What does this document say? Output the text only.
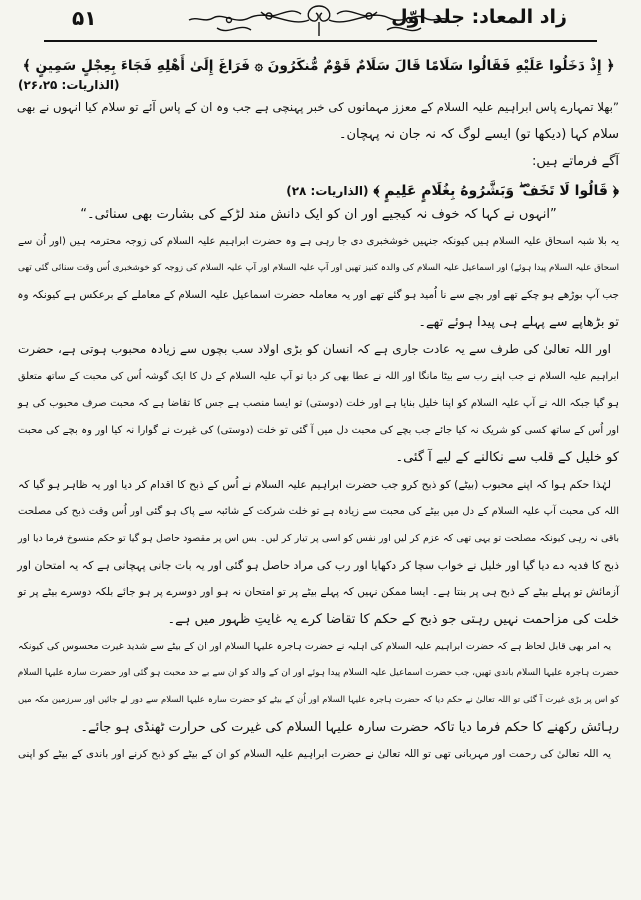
زاد المعاد: جلد اوّل
۵۱
﴿ إِذْ دَخَلُوا عَلَيْهِ فَقَالُوا سَلَامًا قَالَ سَلَامٌ قَوْمٌ مُّنكَرُونَ ۞ فَرَاغَ إِلَىٰ أَهْلِهِ فَجَاءَ بِعِجْلٍ سَمِينٍ ﴾
(الذاریات: ۲۶،۲۵)
”بھلا تمہارے پاس ابراہیم علیہ السلام کے معزز مہمانوں کی خبر پہنچی ہے جب وہ ان کے پاس آئے تو سلام کیا انہوں نے بھی
سلام کہا (دیکھا تو) ایسے لوگ کہ نہ جان نہ پہچان۔
آگے فرماتے ہیں:
﴿ قَالُوا لَا تَخَفْ ۖ وَبَشَّرُوهُ بِغُلَامٍ عَلِيمٍ ﴾ (الذاریات: ۲۸)
”انہوں نے کہا کہ خوف نہ کیجیے اور ان کو ایک دانش مند لڑکے کی بشارت بھی سنائی۔“
یہ بلا شبہ اسحاق علیہ السلام ہیں کیونکہ جنہیں خوشخبری دی جا رہی ہے وہ حضرت ابراہیم علیہ السلام کی زوجہ محترمہ ہیں (اور اُن سے
اسحاق علیہ السلام پیدا ہوئے) اور اسماعیل علیہ السلام کی والدہ کنیز تھیں اور آپ علیہ السلام اور آپ علیہ السلام کی زوجہ کو خوشخبری اُس وقت سنائی گئی تھی
جب آپ بوڑھے ہو چکے تھے اور بچے سے نا اُمید ہو گئے تھے اور یہ معاملہ حضرت اسماعیل علیہ السلام کے معاملے کے برعکس ہے کیونکہ وہ
تو بڑھاپے سے پہلے ہی پیدا ہوئے تھے۔
اور اللہ تعالیٰ کی طرف سے یہ عادت جاری ہے کہ انسان کو بڑی اولاد سب بچوں سے زیادہ محبوب ہوتی ہے، حضرت
ابراہیم علیہ السلام نے جب اپنے رب سے بیٹا مانگا اور اللہ نے عطا بھی کر دیا تو آپ علیہ السلام کے دل کا ایک گوشہ اُس کی محبت کے ساتھ متعلق
ہو گیا جبکہ اللہ نے آپ علیہ السلام کو اپنا خلیل بنایا ہے اور خلت (دوستی) تو ایسا منصب ہے جس کا تقاضا ہے کہ محبت صرف محبوب کی ہو
اور اُس کے ساتھ کسی کو شریک نہ کیا جائے جب بچے کی محبت دل میں آ گئی تو خلت (دوستی) کی غیرت نے گوارا نہ کیا اور وہ بچے کی محبت
کو خلیل کے قلب سے نکالنے کے لیے آ گئی۔
لہٰذا حکم ہوا کہ اپنے محبوب (بیٹے) کو ذبح کرو جب حضرت ابراہیم علیہ السلام نے اُس کے ذبح کا اقدام کر دیا اور یہ ظاہر ہو گیا کہ
اللہ کی محبت آپ علیہ السلام کے دل میں بیٹے کی محبت سے زیادہ ہے تو خلت شرکت کے شائبہ سے پاک ہو گئی اور اُس وقت ذبح کی مصلحت
باقی نہ رہی کیونکہ مصلحت تو یہی تھی کہ عزم کر لیں اور نفس کو اسی پر تیار کر لیں۔ بس اس پر مقصود حاصل ہو گیا تو حکم منسوخ فرما دیا اور
ذبح کا فدیہ دے دیا گیا اور خلیل نے خواب سچا کر دکھایا اور رب کی مراد حاصل ہو گئی اور یہ بات جانی پہچانی ہے کہ یہ امتحان اور
آزمائش تو پہلے بیٹے کے ذبح ہی پر بنتا ہے۔ ایسا ممکن نہیں کہ پہلے بیٹے پر تو امتحان نہ ہو اور دوسرے پر ہو جائے بلکہ دوسرے بیٹے پر تو
خلت کی مزاحمت نہیں رہتی جو ذبح کے حکم کا تقاضا کرے یہ غایتِ ظہور میں ہے۔
یہ امر بھی قابل لحاظ ہے کہ حضرت ابراہیم علیہ السلام کی اہلیہ نے حضرت ہاجرہ علیہا السلام اور ان کے بیٹے سے شدید غیرت محسوس کی کیونکہ
حضرت ہاجرہ علیہا السلام باندی تھیں، جب حضرت اسماعیل علیہ السلام پیدا ہوئے اور ان کے والد کو ان سے بے حد محبت ہو گئی اور حضرت سارہ علیہا السلام
کو اس پر بڑی غیرت آ گئی تو اللہ تعالیٰ نے حکم دیا کہ حضرت ہاجرہ علیہا السلام اور اُن کے بیٹے کو حضرت سارہ علیہا السلام سے دور لے جائیں اور سرزمین مکہ میں
رہائش رکھنے کا حکم فرما دیا تاکہ حضرت سارہ علیہا السلام کی غیرت کی حرارت ٹھنڈی ہو جائے۔
یہ اللہ تعالیٰ کی رحمت اور مہربانی تھی تو اللہ تعالیٰ نے حضرت ابراہیم علیہ السلام کو ان کے بیٹے کو ذبح کرنے اور باندی کے بیٹے کو اپنی
